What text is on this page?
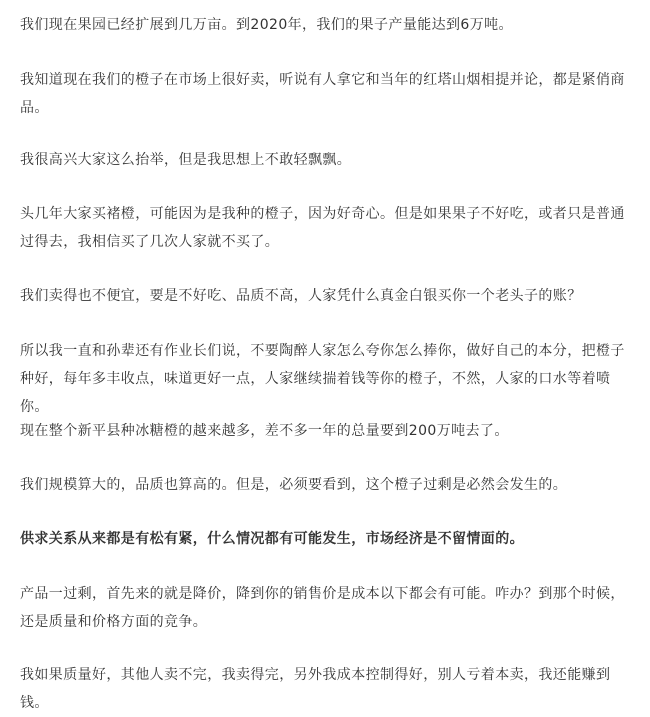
我们现在果园已经扩展到几万亩。到2020年，我们的果子产量能达到6万吨。

我知道现在我们的橙子在市场上很好卖，听说有人拿它和当年的红塔山烟相提并论，都是紧俏商品。

我很高兴大家这么抬举，但是我思想上不敢轻飘飘。

头几年大家买褚橙，可能因为是我种的橙子，因为好奇心。但是如果果子不好吃，或者只是普通过得去，我相信买了几次人家就不买了。

我们卖得也不便宜，要是不好吃、品质不高，人家凭什么真金白银买你一个老头子的账？

所以我一直和孙辈还有作业长们说，不要陶醉人家怎么夸你怎么捧你，做好自己的本分，把橙子种好，每年多丰收点，味道更好一点，人家继续揣着钱等你的橙子，不然，人家的口水等着喷你。

现在整个新平县种冰糖橙的越来越多，差不多一年的总量要到200万吨去了。

我们规模算大的，品质也算高的。但是，必须要看到，这个橙子过剩是必然会发生的。

供求关系从来都是有松有紧，什么情况都有可能发生，市场经济是不留情面的。

产品一过剩，首先来的就是降价，降到你的销售价是成本以下都会有可能。咋办？到那个时候，还是质量和价格方面的竞争。

我如果质量好，其他人卖不完，我卖得完，另外我成本控制得好，别人亏着本卖，我还能赚到钱。
